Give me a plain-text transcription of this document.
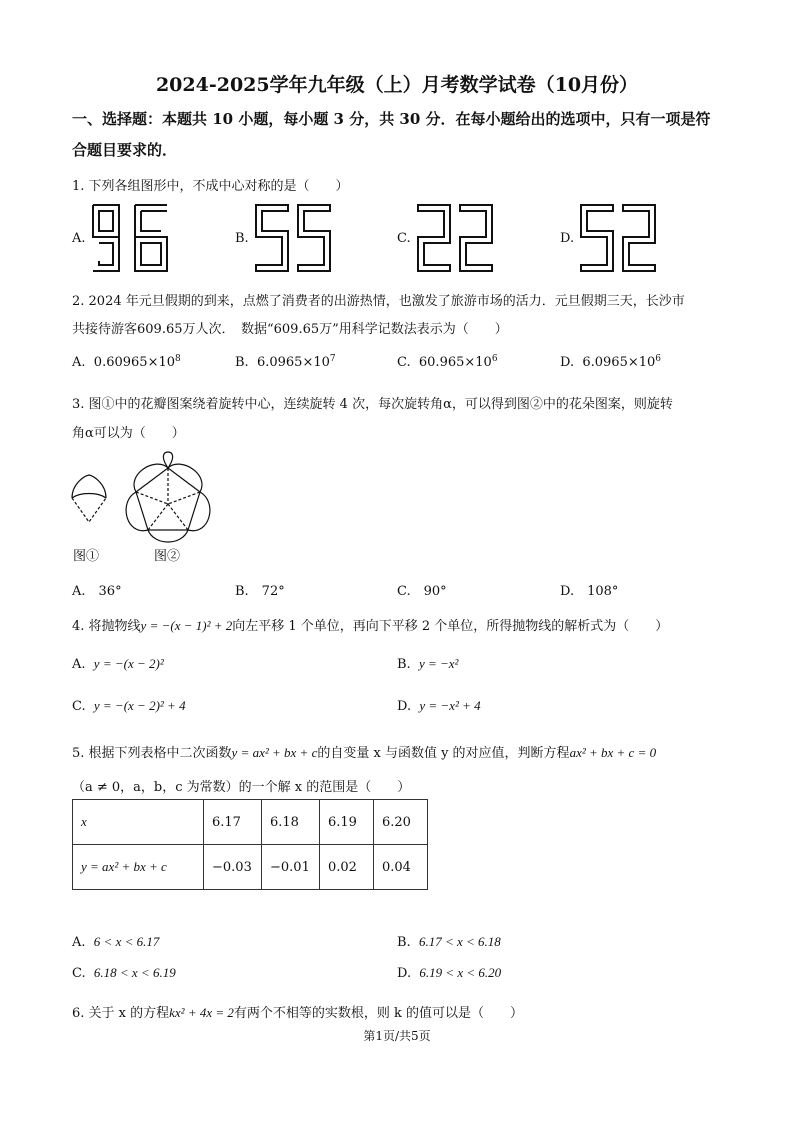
2024-2025学年九年级（上）月考数学试卷（10月份）
一、选择题：本题共 10 小题，每小题 3 分，共 30 分．在每小题给出的选项中，只有一项是符
合题目要求的．
1. 下列各组图形中，不成中心对称的是（　　）
A.	B.	C.	D.
2. 2024 年元旦假期的到来，点燃了消费者的出游热情，也激发了旅游市场的活力．元旦假期三天，长沙市
共接待游客609.65万人次．　数据“609.65万”用科学记数法表示为（　　）
A. $0.60965\times 10^8$	B. $6.0965\times 10^7$	C. $60.965\times 10^6$	D. $6.0965\times 10^6$
3. 图①中的花瓣图案绕着旋转中心，连续旋转 4 次，每次旋转角α，可以得到图②中的花朵图案，则旋转
角α可以为（　　）
图①	图②
A.　36°	B.　72°	C.　90°	D.　108°
4. 将抛物线y = −(x − 1)² + 2向左平移 1 个单位，再向下平移 2 个单位，所得抛物线的解析式为（　　）
A. y = −(x − 2)²	B. y = −x²
C. y = −(x − 2)² + 4	D. y = −x² + 4
5. 根据下列表格中二次函数y = ax² + bx + c的自变量 x 与函数值 y 的对应值，判断方程ax² + bx + c = 0
（a ≠ 0，a，b，c 为常数）的一个解 x 的范围是（　　）
x	6.17	6.18	6.19	6.20
y = ax² + bx + c	−0.03	−0.01	0.02	0.04
A. 6 < x < 6.17	B. 6.17 < x < 6.18
C. 6.18 < x < 6.19	D. 6.19 < x < 6.20
6. 关于 x 的方程kx² + 4x = 2有两个不相等的实数根，则 k 的值可以是（　　）
第1页/共5页
